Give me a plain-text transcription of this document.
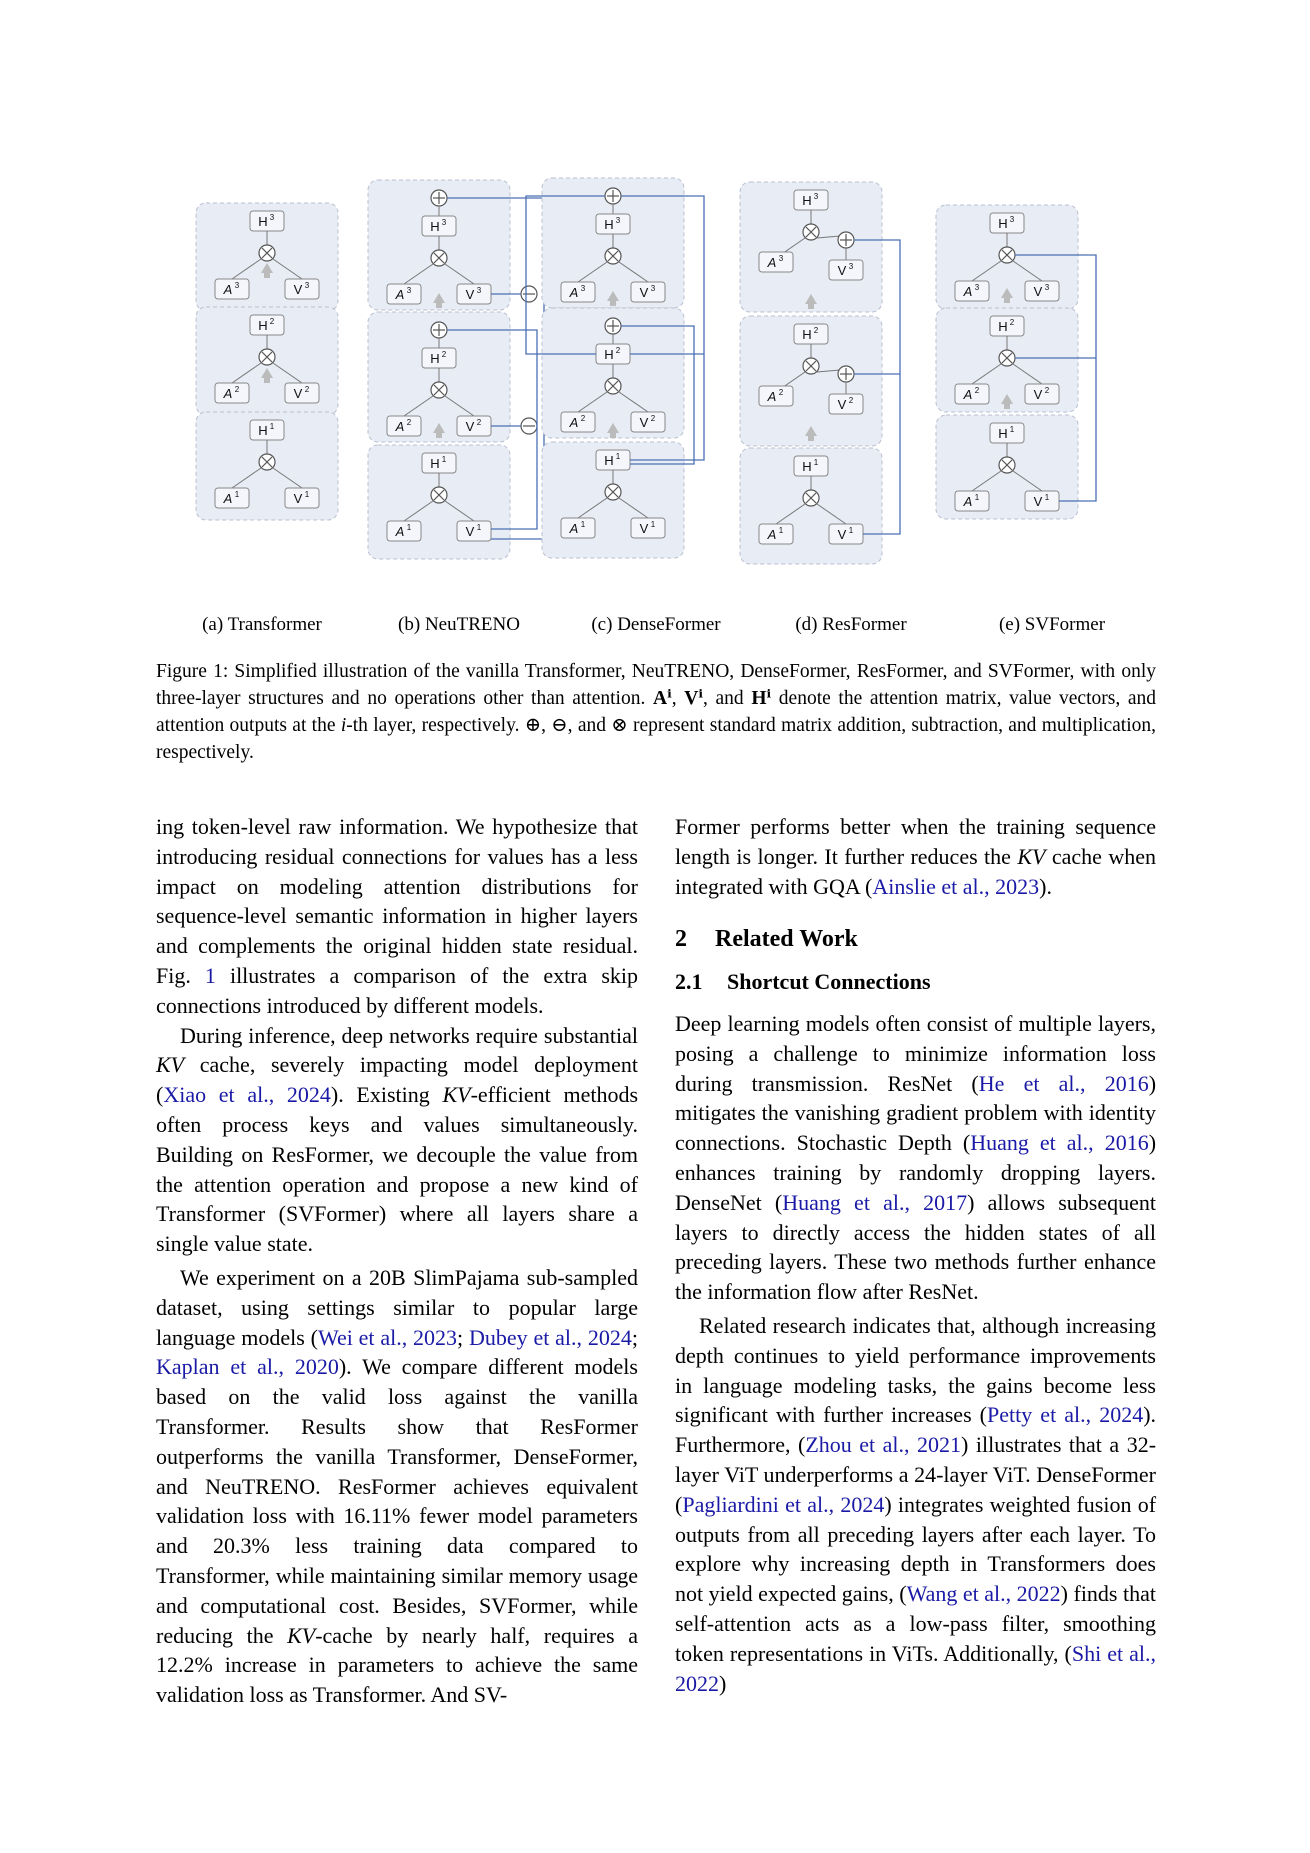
H 3
A 3	V 3
H 2
A 2	V 2
H 1
A 1	V 1
H 3
A 3	V 3
H 2
A 2	V 2
H 1
A 1	V 1
H 3
A 3	V 3
H 2
A 2	V 2
H 1
A 1	V 1
H 3
A 3
V 3
H 2
A 2
V 2
H 1
A 1	V 1
H 3
A 3	V 3
H 2
A 2	V 2
H 1
A 1	V 1
(a) Transformer	(b) NeuTRENO	(c) DenseFormer	(d) ResFormer	(e) SVFormer
Figure 1: Simplified illustration of the vanilla Transformer, NeuTRENO, DenseFormer, ResFormer, and SVFormer, with only three-layer structures and no operations other than attention. Aⁱ, Vⁱ, and Hⁱ denote the attention matrix, value vectors, and attention outputs at the i-th layer, respectively. ⊕, ⊖, and ⊗ represent standard matrix addition, subtraction, and multiplication, respectively.

ing token-level raw information. We hypothesize that introducing residual connections for values has a less impact on modeling attention distributions for sequence-level semantic information in higher layers and complements the original hidden state residual. Fig. 1 illustrates a comparison of the extra skip connections introduced by different models.

During inference, deep networks require substantial KV cache, severely impacting model deployment (Xiao et al., 2024). Existing KV-efficient methods often process keys and values simultaneously. Building on ResFormer, we decouple the value from the attention operation and propose a new kind of Transformer (SVFormer) where all layers share a single value state.

We experiment on a 20B SlimPajama sub-sampled dataset, using settings similar to popular large language models (Wei et al., 2023; Dubey et al., 2024; Kaplan et al., 2020). We compare different models based on the valid loss against the vanilla Transformer. Results show that ResFormer outperforms the vanilla Transformer, DenseFormer, and NeuTRENO. ResFormer achieves equivalent validation loss with 16.11% fewer model parameters and 20.3% less training data compared to Transformer, while maintaining similar memory usage and computational cost. Besides, SVFormer, while reducing the KV-cache by nearly half, requires a 12.2% increase in parameters to achieve the same validation loss as Transformer. And SV-

Former performs better when the training sequence length is longer. It further reduces the KV cache when integrated with GQA (Ainslie et al., 2023).

2 Related Work

2.1 Shortcut Connections

Deep learning models often consist of multiple layers, posing a challenge to minimize information loss during transmission. ResNet (He et al., 2016) mitigates the vanishing gradient problem with identity connections. Stochastic Depth (Huang et al., 2016) enhances training by randomly dropping layers. DenseNet (Huang et al., 2017) allows subsequent layers to directly access the hidden states of all preceding layers. These two methods further enhance the information flow after ResNet.

Related research indicates that, although increasing depth continues to yield performance improvements in language modeling tasks, the gains become less significant with further increases (Petty et al., 2024). Furthermore, (Zhou et al., 2021) illustrates that a 32-layer ViT underperforms a 24-layer ViT. DenseFormer (Pagliardini et al., 2024) integrates weighted fusion of outputs from all preceding layers after each layer. To explore why increasing depth in Transformers does not yield expected gains, (Wang et al., 2022) finds that self-attention acts as a low-pass filter, smoothing token representations in ViTs. Additionally, (Shi et al., 2022)
